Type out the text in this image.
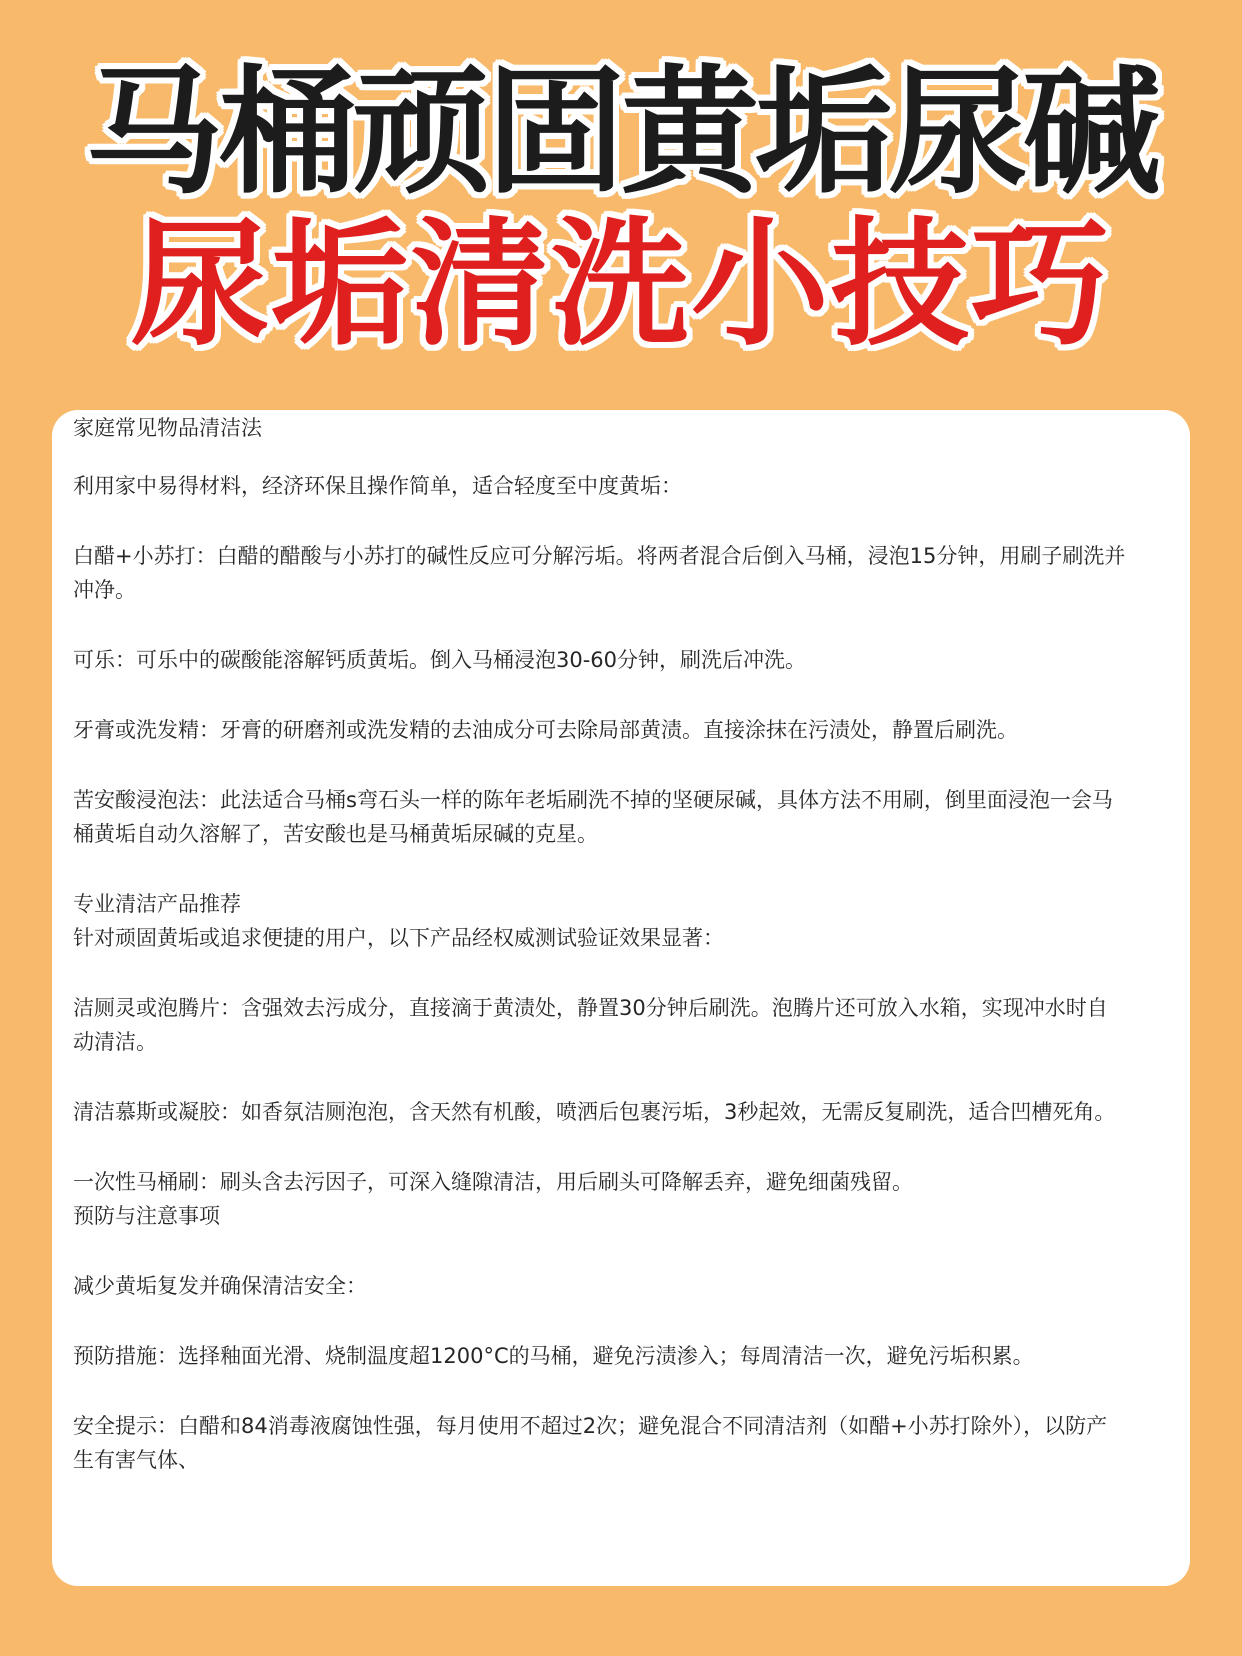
马桶顽固黄垢尿碱
尿垢清洗小技巧

家庭常见物品清洁法

利用家中易得材料，经济环保且操作简单，适合轻度至中度黄垢：

白醋+小苏打：白醋的醋酸与小苏打的碱性反应可分解污垢。将两者混合后倒入马桶，浸泡15分钟，用刷子刷洗并

冲净。

可乐：可乐中的碳酸能溶解钙质黄垢。倒入马桶浸泡30-60分钟，刷洗后冲洗。

牙膏或洗发精：牙膏的研磨剂或洗发精的去油成分可去除局部黄渍。直接涂抹在污渍处，静置后刷洗。

苦安酸浸泡法：此法适合马桶s弯石头一样的陈年老垢刷洗不掉的坚硬尿碱，具体方法不用刷，倒里面浸泡一会马

桶黄垢自动久溶解了，苦安酸也是马桶黄垢尿碱的克星。

专业清洁产品推荐

针对顽固黄垢或追求便捷的用户，以下产品经权威测试验证效果显著：

洁厕灵或泡腾片：含强效去污成分，直接滴于黄渍处，静置30分钟后刷洗。泡腾片还可放入水箱，实现冲水时自

动清洁。

清洁慕斯或凝胶：如香氛洁厕泡泡，含天然有机酸，喷洒后包裹污垢，3秒起效，无需反复刷洗，适合凹槽死角。

一次性马桶刷：刷头含去污因子，可深入缝隙清洁，用后刷头可降解丢弃，避免细菌残留。

预防与注意事项

减少黄垢复发并确保清洁安全：

预防措施：选择釉面光滑、烧制温度超1200°C的马桶，避免污渍渗入；每周清洁一次，避免污垢积累。

安全提示：白醋和84消毒液腐蚀性强，每月使用不超过2次；避免混合不同清洁剂（如醋+小苏打除外），以防产

生有害气体、
